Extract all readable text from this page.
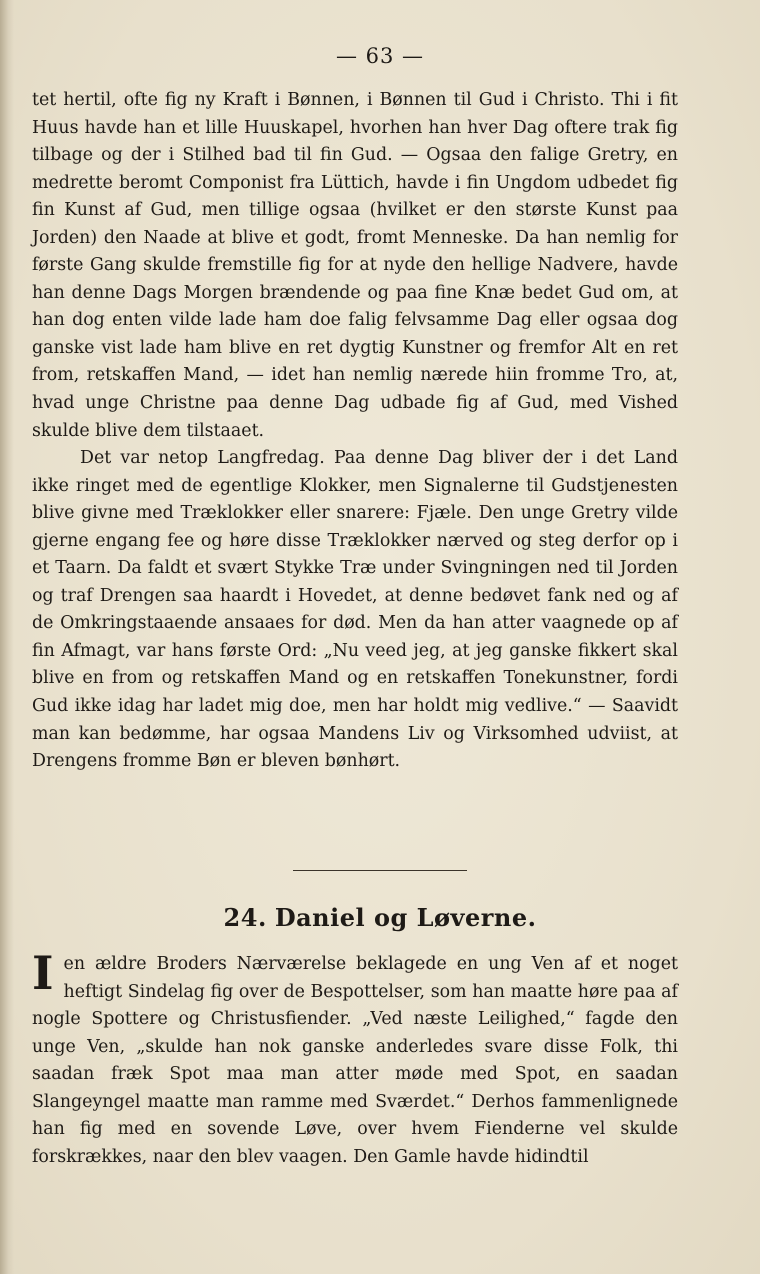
— 63 —

tet hertil, ofte fig ny Kraft i Bønnen, i Bønnen til Gud i Christo. Thi i fit Huus havde han et lille Huuskapel, hvorhen han hver Dag oftere trak fig tilbage og der i Stilhed bad til fin Gud. — Ogsaa den falige Gretry, en medrette beromt Componist fra Lüttich, havde i fin Ungdom udbedet fig fin Kunst af Gud, men tilligе ogsaa (hvilket er den største Kunst paa Jorden) den Naade at blive et godt, fromt Menneske. Da han nemlig for første Gang skulde fremstille fig for at nyde den hellige Nadvere, havde han denne Dags Morgen brændende og paa fine Knæ bedet Gud om, at han dog enten vilde lade ham doe falig felvsamme Dag eller ogsaa dog ganske vist lade ham blive en ret dygtig Kunstner og fremfor Alt en ret from, retskaffen Mand, — idet han nemlig nærede hiin fromme Tro, at, hvad unge Christne paa denne Dag udbade fig af Gud, med Vished skulde blive dem tilstaaet.

Det var netop Langfredag. Paa denne Dag bliver der i det Land ikke ringet med de egentlige Klokker, men Signalerne til Gudstjenesten blive givne med Træklokker eller snarere: Fjæle. Den unge Gretry vilde gjerne engang fee og høre disse Træklokker nærved og steg derfor op i et Taarn. Da faldt et svært Stykke Træ under Svingningen ned til Jorden og traf Drengen saa haardt i Hovedet, at denne bedøvet fank ned og af de Omkringstaaende ansaaes for død. Men da han atter vaagnede op af fin Afmagt, var hans første Ord: „Nu veed jeg, at jeg ganske fikkert skal blive en from og retskaffen Mand og en retskaffen Tonekunstner, fordi Gud ikke idag har ladet mig doe, men har holdt mig vedlive.“ — Saavidt man kan bedømme, har ogsaa Mandens Liv og Virksomhed udviist, at Drengens fromme Bøn er bleven bønhørt.

24. Daniel og Løverne.

Ien ældre Broders Nærværelse beklagede en ung Ven af et noget heftigt Sindelag fig over de Bespottelser, som han maatte høre paa af nogle Spottere og Christusfiender. „Ved næste Leilighed,“ fagde den unge Ven, „skulde han nok ganske anderledes svare disse Folk, thi saadan fræk Spot maa man atter møde med Spot, en saadan Slangeyngel maatte man ramme med Sværdet.“ Derhos fammenlignede han fig med en sovende Løve, over hvem Fienderne vel skulde forskrækkes, naar den blev vaagen. Den Gamle havde hidindtil
